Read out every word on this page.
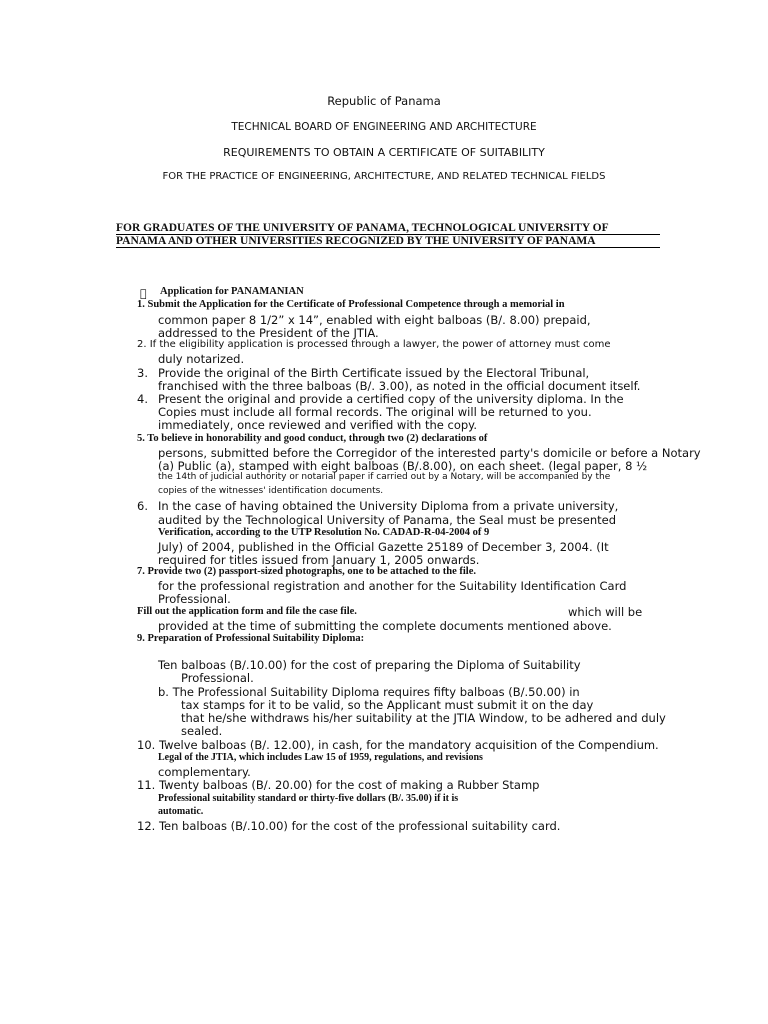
Republic of Panama
TECHNICAL BOARD OF ENGINEERING AND ARCHITECTURE
REQUIREMENTS TO OBTAIN A CERTIFICATE OF SUITABILITY
FOR THE PRACTICE OF ENGINEERING, ARCHITECTURE, AND RELATED TECHNICAL FIELDS
FOR GRADUATES OF THE UNIVERSITY OF PANAMA, TECHNOLOGICAL UNIVERSITY OF
PANAMA AND OTHER UNIVERSITIES RECOGNIZED BY THE UNIVERSITY OF PANAMA
Application for PANAMANIAN
1. Submit the Application for the Certificate of Professional Competence through a memorial in
common paper 8 1/2” x 14”, enabled with eight balboas (B/. 8.00) prepaid,
addressed to the President of the JTIA.
2. If the eligibility application is processed through a lawyer, the power of attorney must come
duly notarized.
3. Provide the original of the Birth Certificate issued by the Electoral Tribunal,
franchised with the three balboas (B/. 3.00), as noted in the official document itself.
4. Present the original and provide a certified copy of the university diploma. In the
Copies must include all formal records. The original will be returned to you.
immediately, once reviewed and verified with the copy.
5. To believe in honorability and good conduct, through two (2) declarations of
persons, submitted before the Corregidor of the interested party's domicile or before a Notary
(a) Public (a), stamped with eight balboas (B/.8.00), on each sheet. (legal paper, 8 ½
the 14th of judicial authority or notarial paper if carried out by a Notary, will be accompanied by the
copies of the witnesses' identification documents.
6. In the case of having obtained the University Diploma from a private university,
audited by the Technological University of Panama, the Seal must be presented
Verification, according to the UTP Resolution No. CADAD-R-04-2004 of 9
July) of 2004, published in the Official Gazette 25189 of December 3, 2004. (It
required for titles issued from January 1, 2005 onwards.
7. Provide two (2) passport-sized photographs, one to be attached to the file.
for the professional registration and another for the Suitability Identification Card
Professional.
Fill out the application form and file the case file.	which will be
provided at the time of submitting the complete documents mentioned above.
9. Preparation of Professional Suitability Diploma:
Ten balboas (B/.10.00) for the cost of preparing the Diploma of Suitability
Professional.
b. The Professional Suitability Diploma requires fifty balboas (B/.50.00) in
tax stamps for it to be valid, so the Applicant must submit it on the day
that he/she withdraws his/her suitability at the JTIA Window, to be adhered and duly
sealed.
10. Twelve balboas (B/. 12.00), in cash, for the mandatory acquisition of the Compendium.
Legal of the JTIA, which includes Law 15 of 1959, regulations, and revisions
complementary.
11. Twenty balboas (B/. 20.00) for the cost of making a Rubber Stamp
Professional suitability standard or thirty-five dollars (B/. 35.00) if it is
automatic.
12. Ten balboas (B/.10.00) for the cost of the professional suitability card.
